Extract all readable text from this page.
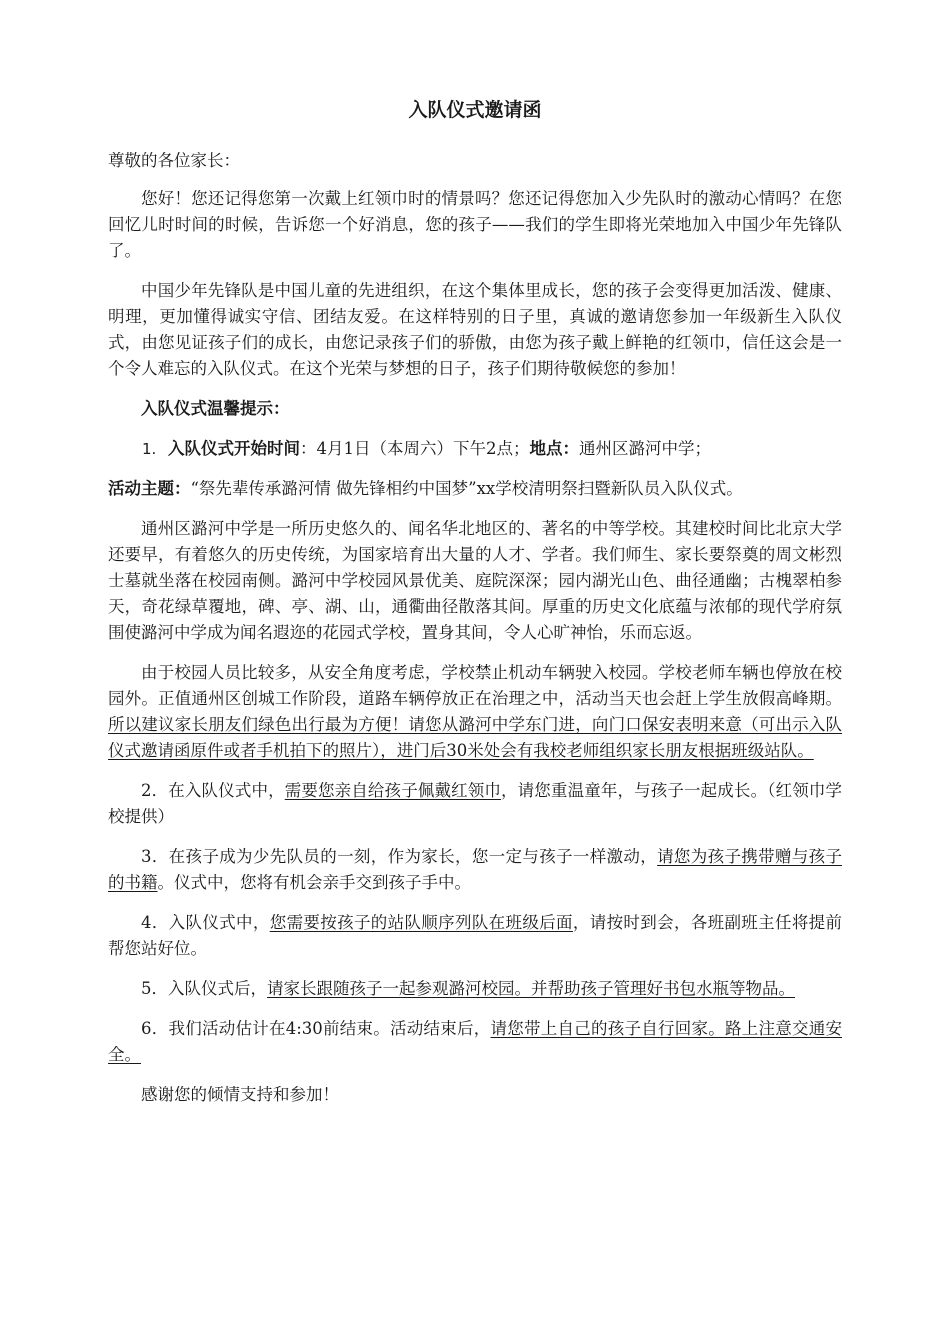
入队仪式邀请函

尊敬的各位家长：

您好！您还记得您第一次戴上红领巾时的情景吗？您还记得您加入少先队时的激动心情吗？在您回忆儿时时间的时候，告诉您一个好消息，您的孩子——我们的学生即将光荣地加入中国少年先锋队了。

中国少年先锋队是中国儿童的先进组织，在这个集体里成长，您的孩子会变得更加活泼、健康、明理，更加懂得诚实守信、团结友爱。在这样特别的日子里，真诚的邀请您参加一年级新生入队仪式，由您见证孩子们的成长，由您记录孩子们的骄傲，由您为孩子戴上鲜艳的红领巾，信任这会是一个令人难忘的入队仪式。在这个光荣与梦想的日子，孩子们期待敬候您的参加！

入队仪式温馨提示：

1. 入队仪式开始时间：4月1日（本周六）下午2点；地点：通州区潞河中学；

活动主题：“祭先辈传承潞河情 做先锋相约中国梦”xx学校清明祭扫暨新队员入队仪式。

通州区潞河中学是一所历史悠久的、闻名华北地区的、著名的中等学校。其建校时间比北京大学还要早，有着悠久的历史传统，为国家培育出大量的人才、学者。我们师生、家长要祭奠的周文彬烈士墓就坐落在校园南侧。潞河中学校园风景优美、庭院深深；园内湖光山色、曲径通幽；古槐翠柏参天，奇花绿草覆地，碑、亭、湖、山，通衢曲径散落其间。厚重的历史文化底蕴与浓郁的现代学府氛围使潞河中学成为闻名遐迩的花园式学校，置身其间，令人心旷神怡，乐而忘返。

由于校园人员比较多，从安全角度考虑，学校禁止机动车辆驶入校园。学校老师车辆也停放在校园外。正值通州区创城工作阶段，道路车辆停放正在治理之中，活动当天也会赶上学生放假高峰期。所以建议家长朋友们绿色出行最为方便！请您从潞河中学东门进，向门口保安表明来意（可出示入队仪式邀请函原件或者手机拍下的照片），进门后30米处会有我校老师组织家长朋友根据班级站队。

2．在入队仪式中，需要您亲自给孩子佩戴红领巾，请您重温童年，与孩子一起成长。（红领巾学校提供）

3．在孩子成为少先队员的一刻，作为家长，您一定与孩子一样激动，请您为孩子携带赠与孩子的书籍。仪式中，您将有机会亲手交到孩子手中。

4．入队仪式中，您需要按孩子的站队顺序列队在班级后面，请按时到会，各班副班主任将提前帮您站好位。

5．入队仪式后，请家长跟随孩子一起参观潞河校园。并帮助孩子管理好书包水瓶等物品。

6．我们活动估计在4:30前结束。活动结束后，请您带上自己的孩子自行回家。路上注意交通安全。

感谢您的倾情支持和参加！
